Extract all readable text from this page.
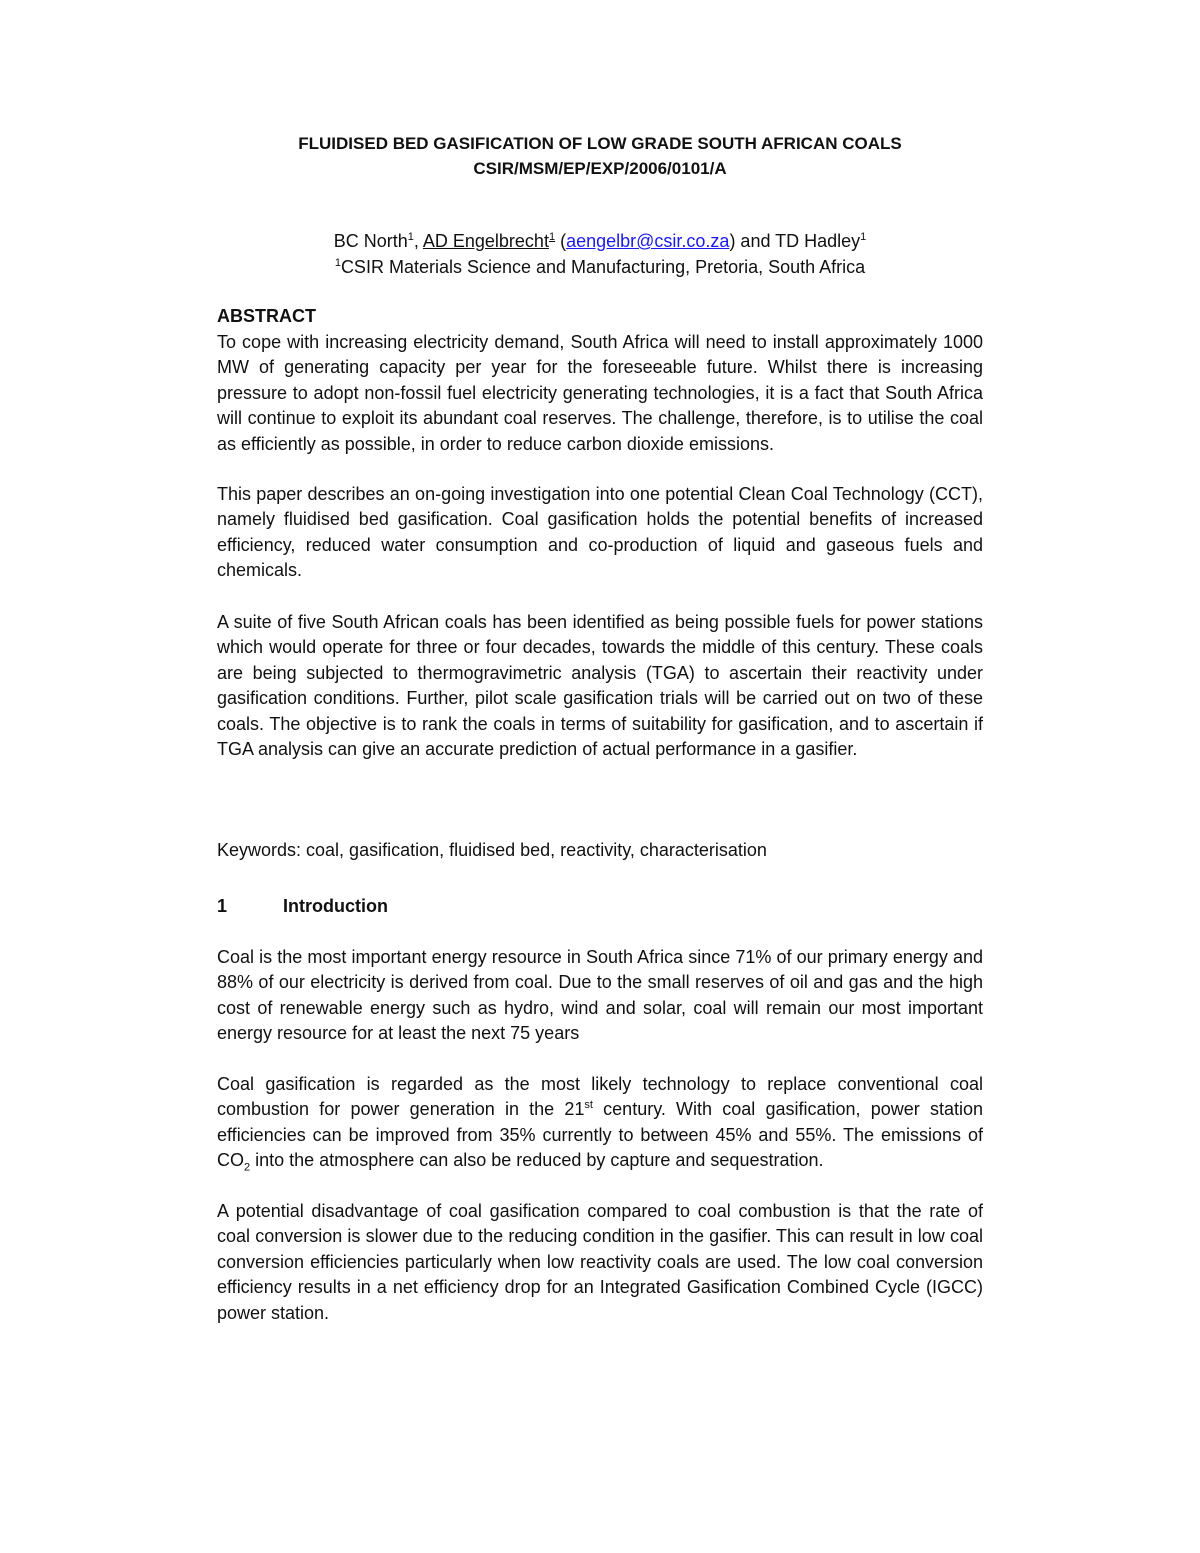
FLUIDISED BED GASIFICATION OF LOW GRADE SOUTH AFRICAN COALS
CSIR/MSM/EP/EXP/2006/0101/A
BC North$^1$, AD Engelbrecht$^1$ (aengelbr@csir.co.za) and TD Hadley$^1$
$^1$CSIR Materials Science and Manufacturing, Pretoria, South Africa
ABSTRACT

To cope with increasing electricity demand, South Africa will need to install approximately 1000 MW of generating capacity per year for the foreseeable future. Whilst there is increasing pressure to adopt non-fossil fuel electricity generating technologies, it is a fact that South Africa will continue to exploit its abundant coal reserves. The challenge, therefore, is to utilise the coal as efficiently as possible, in order to reduce carbon dioxide emissions.

This paper describes an on-going investigation into one potential Clean Coal Technology (CCT), namely fluidised bed gasification. Coal gasification holds the potential benefits of increased efficiency, reduced water consumption and co-production of liquid and gaseous fuels and chemicals.

A suite of five South African coals has been identified as being possible fuels for power stations which would operate for three or four decades, towards the middle of this century. These coals are being subjected to thermogravimetric analysis (TGA) to ascertain their reactivity under gasification conditions. Further, pilot scale gasification trials will be carried out on two of these coals. The objective is to rank the coals in terms of suitability for gasification, and to ascertain if TGA analysis can give an accurate prediction of actual performance in a gasifier.

Keywords: coal, gasification, fluidised bed, reactivity, characterisation

1	Introduction

Coal is the most important energy resource in South Africa since 71% of our primary energy and 88% of our electricity is derived from coal. Due to the small reserves of oil and gas and the high cost of renewable energy such as hydro, wind and solar, coal will remain our most important energy resource for at least the next 75 years

Coal gasification is regarded as the most likely technology to replace conventional coal combustion for power generation in the 21st century. With coal gasification, power station efficiencies can be improved from 35% currently to between 45% and 55%. The emissions of $CO_2$ into the atmosphere can also be reduced by capture and sequestration.

A potential disadvantage of coal gasification compared to coal combustion is that the rate of coal conversion is slower due to the reducing condition in the gasifier. This can result in low coal conversion efficiencies particularly when low reactivity coals are used. The low coal conversion efficiency results in a net efficiency drop for an Integrated Gasification Combined Cycle (IGCC) power station.
